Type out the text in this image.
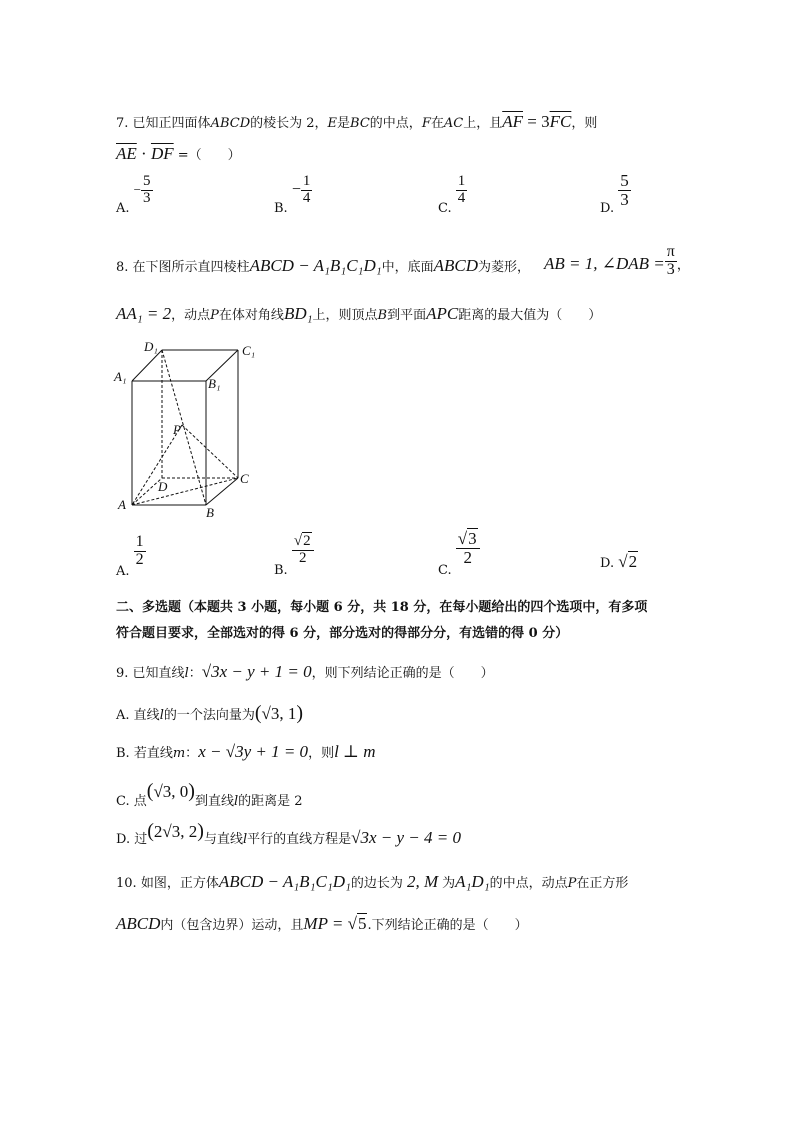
7. 已知正四面体ABCD的棱长为 2，E是BC的中点，F在AC上，且$\overline{AF} = 3\overline{FC}$，则
$\overline{AE} \cdot \overline{DF}$ =（　　）
A. − $\frac{5}{3}$
B. − $\frac{1}{4}$
C.
$\frac{1}{4}$
D. $\frac{5}{3}$
8. 在下图所示直四棱柱ABCD − A₁B₁C₁D₁中，底面ABCD为菱形， AB = 1, ∠DAB = $\frac{\pi}{3}$ ，
AA₁ = 2，动点P在体对角线BD₁上，则顶点B到平面APC距离的最大值为（　　）
D₁	C₁
A₁	B₁
P
D
C
A
B
A.
$\frac{1}{2}$
B.
$\frac{√2}{2}$
C.
$\frac{√3}{2}$	D. √2
二、多选题（本题共 3 小题，每小题 6 分，共 18 分，在每小题给出的四个选项中，有多项
符合题目要求，全部选对的得 6 分，部分选对的得部分分，有选错的得 0 分）
9. 已知直线l：√3x − y + 1 = 0，则下列结论正确的是（　　）
A. 直线l的一个法向量为(√3, 1)
B. 若直线m：x − √3y + 1 = 0，则l ⊥ m
C. 点(√3, 0)到直线l的距离是 2
D. 过(2√3, 2)与直线l平行的直线方程是√3x − y − 4 = 0
10. 如图，正方体ABCD − A₁B₁C₁D₁的边长为 2, M 为A₁D₁的中点，动点P在正方形
ABCD内（包含边界）运动，且MP = √5.下列结论正确的是（　　）
